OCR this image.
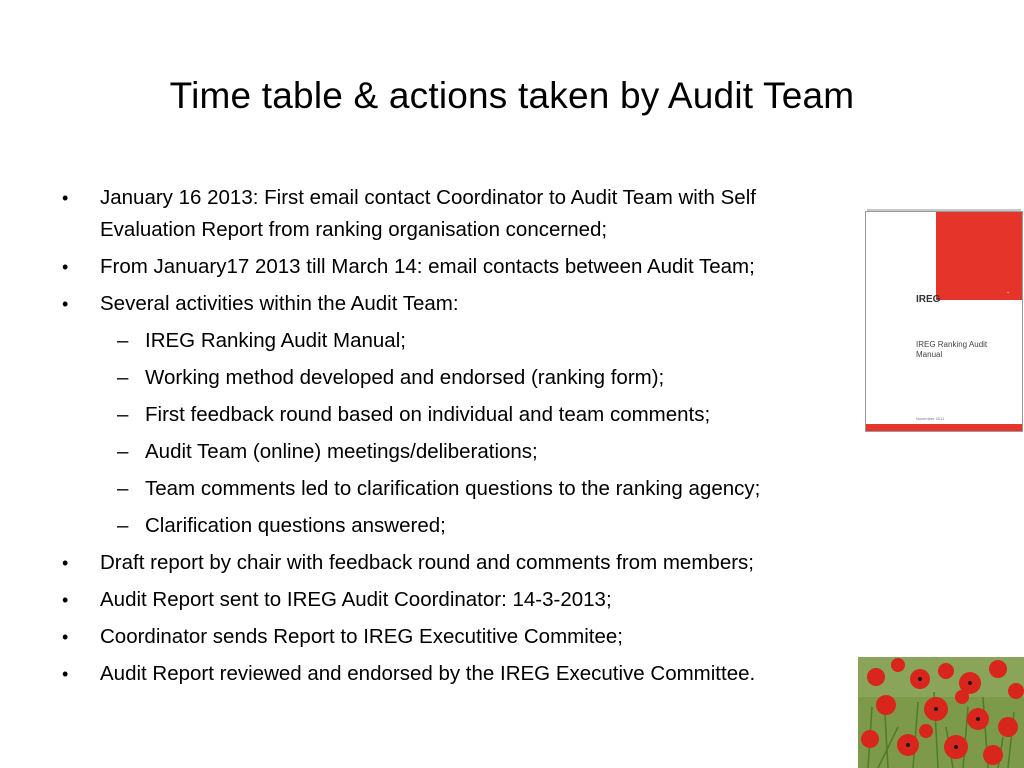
Time table & actions taken by Audit Team
• January 16 2013: First email contact Coordinator to Audit Team with Self
Evaluation Report from ranking organisation concerned;
• From January17 2013 till March 14: email contacts between Audit Team;
• Several activities within the Audit Team:
– IREG Ranking Audit Manual;
– Working method developed and endorsed (ranking form);
– First feedback round based on individual and team comments;
– Audit Team (online) meetings/deliberations;
– Team comments led to clarification questions to the ranking agency;
– Clarification questions answered;
• Draft report by chair with feedback round and comments from members;
• Audit Report sent to IREG Audit Coordinator: 14-3-2013;
• Coordinator sends Report to IREG Executitive Commitee;
• Audit Report reviewed and endorsed by the IREG Executive Committee.
IREG
IREG Ranking Audit
Manual
November 2011
